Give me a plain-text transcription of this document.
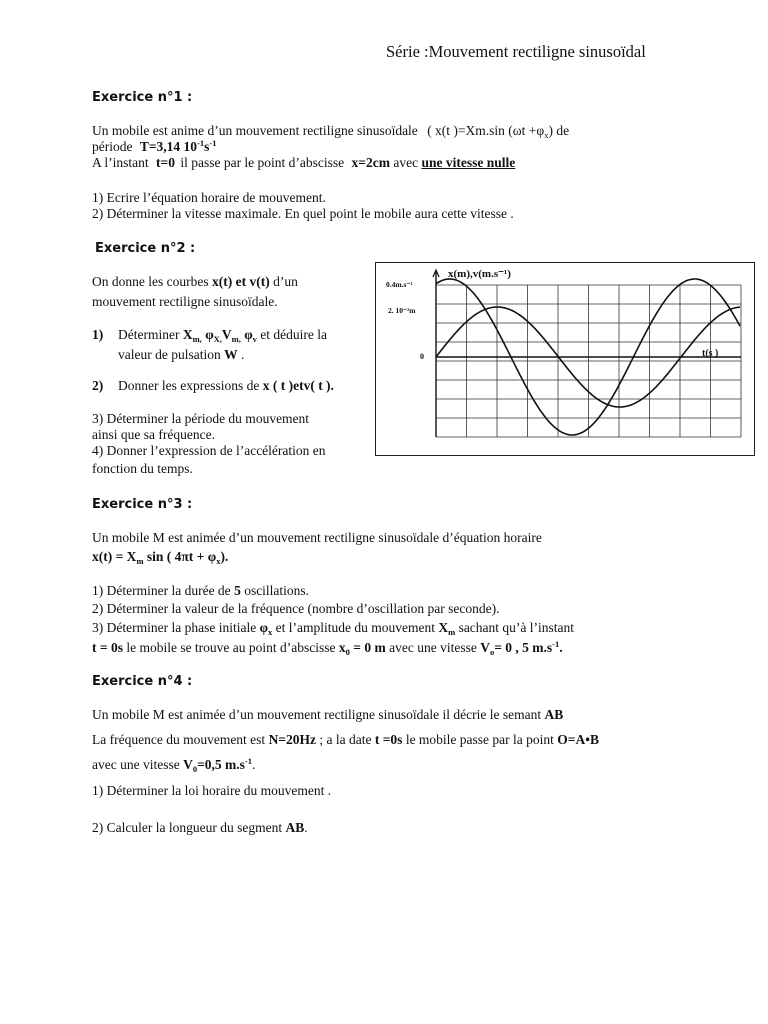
Série :Mouvement rectiligne sinusoïdal
Exercice n°1 :
Un mobile est anime d’un mouvement rectiligne sinusoïdale ( x(t )=Xm.sin $(\omega t +\varphi_x)$ de
période T=3,14 $10^{-1}s^{-1}$
A l’instant t=0 il passe par le point d’abscisse x=2cm avec une vitesse nulle
1) Ecrire l’équation horaire de mouvement.
2) Déterminer la vitesse maximale. En quel point le mobile aura cette vitesse .
Exercice n°2 :
On donne les courbes x(t) et v(t) d’un
mouvement rectiligne sinusoïdale.
1) Déterminer $X_{m,}$ $\varphi_{X,}V_{m,}$ $\varphi_v$ et déduire la
valeur de pulsation W .
2) Donner les expressions de x ( t )etv( t ).
3) Déterminer la période du mouvement
ainsi que sa fréquence.
4) Donner l’expression de l’accélération en
fonction du temps.
x(m),v(m.s⁻¹)
0.4m.s⁻¹
2. 10⁻²m
0	t(s )
Exercice n°3 :
Un mobile M est animée d’un mouvement rectiligne sinusoïdale d’équation horaire
$x(t) = X_m$ sin ( $4\pi t + \varphi_x$).
1) Déterminer la durée de 5 oscillations.
2) Déterminer la valeur de la fréquence (nombre d’oscillation par seconde).
3) Déterminer la phase initiale $\varphi_x$ et l’amplitude du mouvement $X_m$ sachant qu’à l’instant
t = 0s le mobile se trouve au point d’abscisse $x_0 = 0$ m avec une vitesse $V_o= 0$ , 5 $m.s^{-1}$.
Exercice n°4 :
Un mobile M est animée d’un mouvement rectiligne sinusoïdale il décrie le semant AB
La fréquence du mouvement est N=20Hz ; a la date t =0s le mobile passe par la point O=A•B
avec une vitesse $V_0=0,5$ $m.s^{-1}$.
1) Déterminer la loi horaire du mouvement .
2) Calculer la longueur du segment AB.
